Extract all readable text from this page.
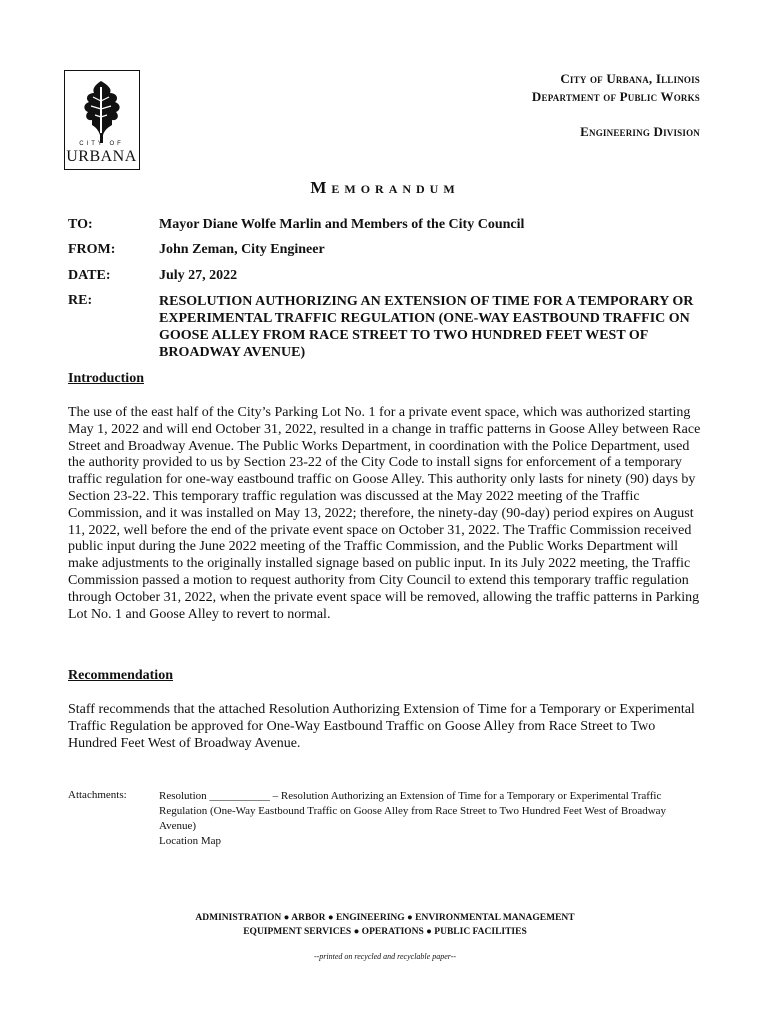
CITY OF
URBANA
City of Urbana, Illinois
Department of Public Works
Engineering Division
Memorandum
TO:	Mayor Diane Wolfe Marlin and Members of the City Council
FROM:	John Zeman, City Engineer
DATE:	July 27, 2022
RE:	RESOLUTION AUTHORIZING AN EXTENSION OF TIME FOR A TEMPORARY OR EXPERIMENTAL TRAFFIC REGULATION (ONE-WAY EASTBOUND TRAFFIC ON GOOSE ALLEY FROM RACE STREET TO TWO HUNDRED FEET WEST OF BROADWAY AVENUE)
Introduction
The use of the east half of the City’s Parking Lot No. 1 for a private event space, which was authorized starting May 1, 2022 and will end October 31, 2022, resulted in a change in traffic patterns in Goose Alley between Race Street and Broadway Avenue. The Public Works Department, in coordination with the Police Department, used the authority provided to us by Section 23-22 of the City Code to install signs for enforcement of a temporary traffic regulation for one-way eastbound traffic on Goose Alley. This authority only lasts for ninety (90) days by Section 23-22. This temporary traffic regulation was discussed at the May 2022 meeting of the Traffic Commission, and it was installed on May 13, 2022; therefore, the ninety-day (90-day) period expires on August 11, 2022, well before the end of the private event space on October 31, 2022. The Traffic Commission received public input during the June 2022 meeting of the Traffic Commission, and the Public Works Department will make adjustments to the originally installed signage based on public input. In its July 2022 meeting, the Traffic Commission passed a motion to request authority from City Council to extend this temporary traffic regulation through October 31, 2022, when the private event space will be removed, allowing the traffic patterns in Parking Lot No. 1 and Goose Alley to revert to normal.
Recommendation
Staff recommends that the attached Resolution Authorizing Extension of Time for a Temporary or Experimental Traffic Regulation be approved for One-Way Eastbound Traffic on Goose Alley from Race Street to Two Hundred Feet West of Broadway Avenue.
Attachments:	Resolution ___________ – Resolution Authorizing an Extension of Time for a Temporary or Experimental Traffic Regulation (One-Way Eastbound Traffic on Goose Alley from Race Street to Two Hundred Feet West of Broadway Avenue)
Location Map
ADMINISTRATION ● ARBOR ● ENGINEERING ● ENVIRONMENTAL MANAGEMENT
EQUIPMENT SERVICES ● OPERATIONS ● PUBLIC FACILITIES
--printed on recycled and recyclable paper--
